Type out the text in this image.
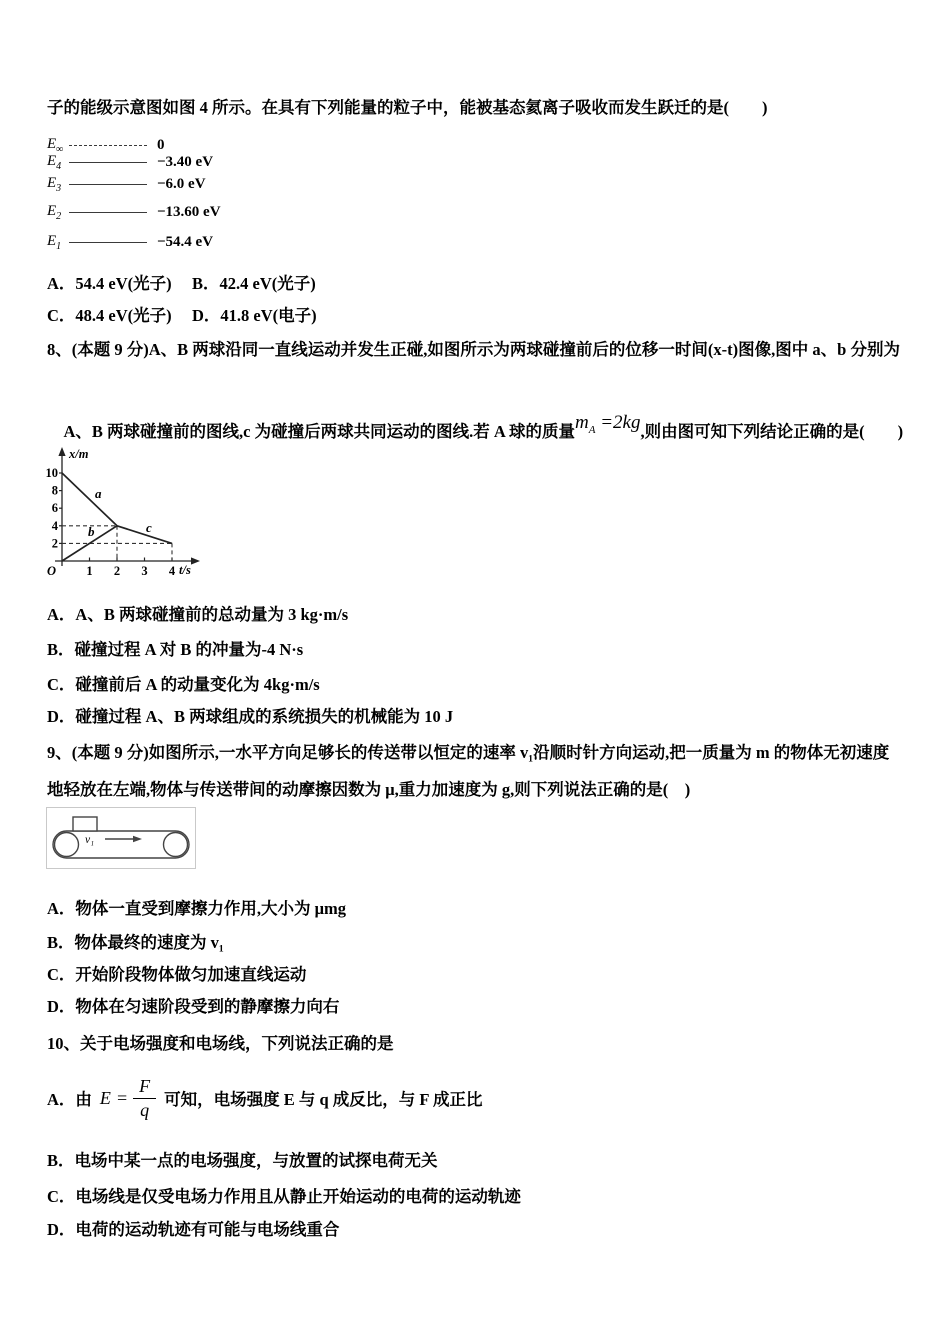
子的能级示意图如图 4 所示。在具有下列能量的粒子中，能被基态氦离子吸收而发生跃迁的是(        )
$E_\infty$	0
$E_4$	−3.40 eV
$E_3$	−6.0 eV
$E_2$	−13.60 eV
$E_1$	−54.4 eV
A．54.4 eV(光子) B．42.4 eV(光子)
C．48.4 eV(光子) D．41.8 eV(电子)
8、(本题 9 分)A、B 两球沿同一直线运动并发生正碰,如图所示为两球碰撞前后的位移一时间(x-t)图像,图中 a、b 分别为

A、B 两球碰撞前的图线,c 为碰撞后两球共同运动的图线.若 A 球的质量$m_A =2kg$,则由图可知下列结论正确的是(        )

x/m
t/s
O
2
4
6
8
10
1 2 3 4
a
b	c
A．A、B 两球碰撞前的总动量为 3 kg·m/s
B．碰撞过程 A 对 B 的冲量为-4 N·s
C．碰撞前后 A 的动量变化为 4kg·m/s
D．碰撞过程 A、B 两球组成的系统损失的机械能为 10 J
9、(本题 9 分)如图所示,一水平方向足够长的传送带以恒定的速率 v₁沿顺时针方向运动,把一质量为 m 的物体无初速度
地轻放在左端,物体与传送带间的动摩擦因数为 μ,重力加速度为 g,则下列说法正确的是(    )
v₁
A．物体一直受到摩擦力作用,大小为 μmg
B．物体最终的速度为 v₁
C．开始阶段物体做匀加速直线运动
D．物体在匀速阶段受到的静摩擦力向右
10、关于电场强度和电场线，下列说法正确的是
A．由 $E = \frac{F}{q}$ 可知，电场强度 E 与 q 成反比，与 F 成正比
B．电场中某一点的电场强度，与放置的试探电荷无关
C．电场线是仅受电场力作用且从静止开始运动的电荷的运动轨迹
D．电荷的运动轨迹有可能与电场线重合
